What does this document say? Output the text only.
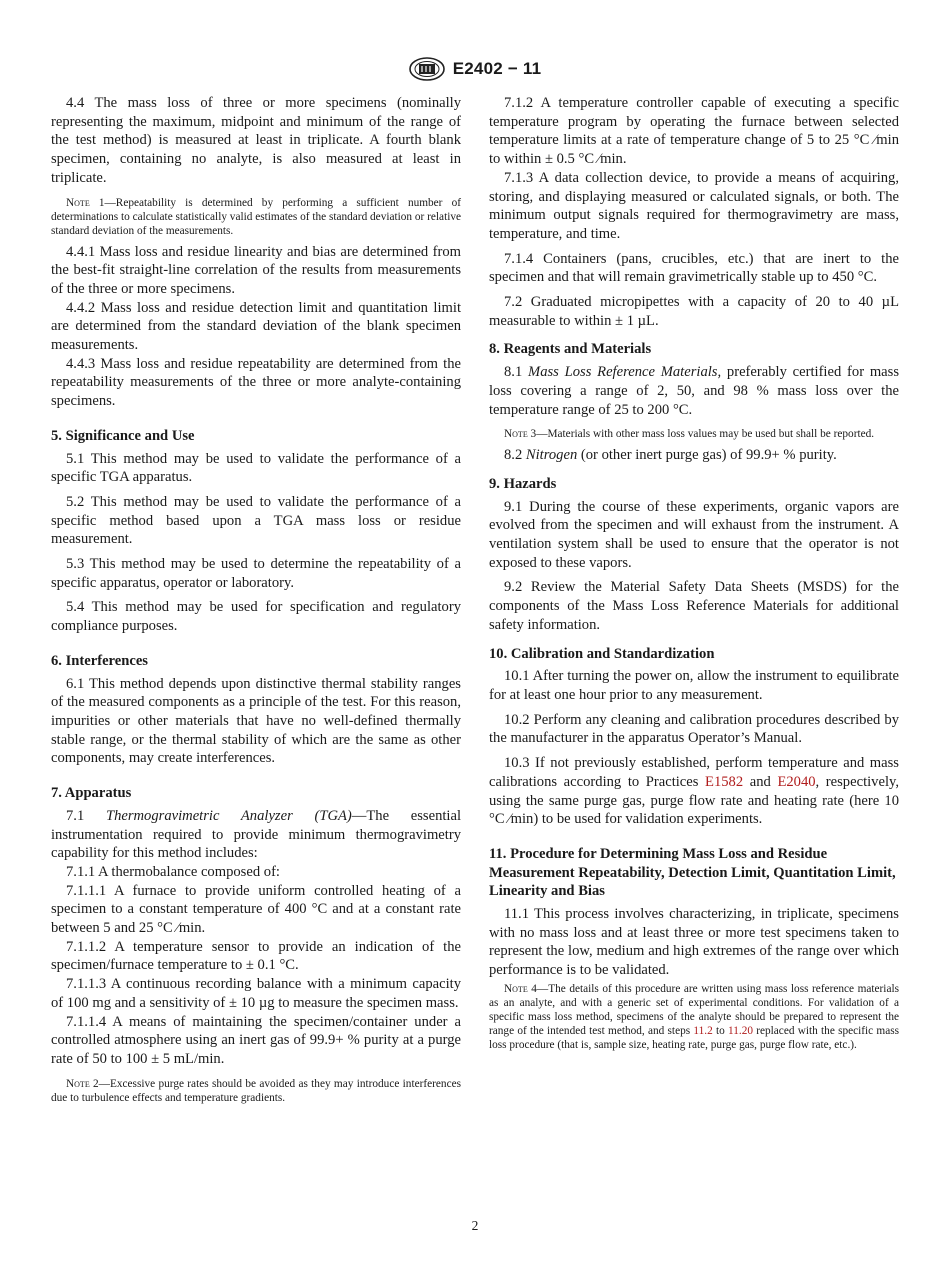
E2402 − 11

4.4 The mass loss of three or more specimens (nominally representing the maximum, midpoint and minimum of the range of the test method) is measured at least in triplicate. A fourth blank specimen, containing no analyte, is also measured at least in triplicate.

Note 1—Repeatability is determined by performing a sufficient number of determinations to calculate statistically valid estimates of the standard deviation or relative standard deviation of the measurements.

4.4.1 Mass loss and residue linearity and bias are determined from the best-fit straight-line correlation of the results from measurements of the three or more specimens.

4.4.2 Mass loss and residue detection limit and quantitation limit are determined from the standard deviation of the blank specimen measurements.

4.4.3 Mass loss and residue repeatability are determined from the repeatability measurements of the three or more analyte-containing specimens.

5. Significance and Use

5.1 This method may be used to validate the performance of a specific TGA apparatus.

5.2 This method may be used to validate the performance of a specific method based upon a TGA mass loss or residue measurement.

5.3 This method may be used to determine the repeatability of a specific apparatus, operator or laboratory.

5.4 This method may be used for specification and regulatory compliance purposes.

6. Interferences

6.1 This method depends upon distinctive thermal stability ranges of the measured components as a principle of the test. For this reason, impurities or other materials that have no well-defined thermally stable range, or the thermal stability of which are the same as other components, may create interferences.

7. Apparatus

7.1 Thermogravimetric Analyzer (TGA)—The essential instrumentation required to provide minimum thermogravimetry capability for this method includes:

7.1.1 A thermobalance composed of:

7.1.1.1 A furnace to provide uniform controlled heating of a specimen to a constant temperature of 400 °C and at a constant rate between 5 and 25 °C ⁄min.

7.1.1.2 A temperature sensor to provide an indication of the specimen/furnace temperature to ± 0.1 °C.

7.1.1.3 A continuous recording balance with a minimum capacity of 100 mg and a sensitivity of ± 10 µg to measure the specimen mass.

7.1.1.4 A means of maintaining the specimen/container under a controlled atmosphere using an inert gas of 99.9+ % purity at a purge rate of 50 to 100 ± 5 mL/min.

Note 2—Excessive purge rates should be avoided as they may introduce interferences due to turbulence effects and temperature gradients.

7.1.2 A temperature controller capable of executing a specific temperature program by operating the furnace between selected temperature limits at a rate of temperature change of 5 to 25 °C ⁄min to within ± 0.5 °C ⁄min.

7.1.3 A data collection device, to provide a means of acquiring, storing, and displaying measured or calculated signals, or both. The minimum output signals required for thermogravimetry are mass, temperature, and time.

7.1.4 Containers (pans, crucibles, etc.) that are inert to the specimen and that will remain gravimetrically stable up to 450 °C.

7.2 Graduated micropipettes with a capacity of 20 to 40 µL measurable to within ± 1 µL.

8. Reagents and Materials

8.1 Mass Loss Reference Materials, preferably certified for mass loss covering a range of 2, 50, and 98 % mass loss over the temperature range of 25 to 200 °C.

Note 3—Materials with other mass loss values may be used but shall be reported.

8.2 Nitrogen (or other inert purge gas) of 99.9+ % purity.

9. Hazards

9.1 During the course of these experiments, organic vapors are evolved from the specimen and will exhaust from the instrument. A ventilation system shall be used to ensure that the operator is not exposed to these vapors.

9.2 Review the Material Safety Data Sheets (MSDS) for the components of the Mass Loss Reference Materials for additional safety information.

10. Calibration and Standardization

10.1 After turning the power on, allow the instrument to equilibrate for at least one hour prior to any measurement.

10.2 Perform any cleaning and calibration procedures described by the manufacturer in the apparatus Operator’s Manual.

10.3 If not previously established, perform temperature and mass calibrations according to Practices E1582 and E2040, respectively, using the same purge gas, purge flow rate and heating rate (here 10 °C ⁄min) to be used for validation experiments.

11. Procedure for Determining Mass Loss and Residue Measurement Repeatability, Detection Limit, Quantitation Limit, Linearity and Bias

11.1 This process involves characterizing, in triplicate, specimens with no mass loss and at least three or more test specimens taken to represent the low, medium and high extremes of the range over which performance is to be validated.

Note 4—The details of this procedure are written using mass loss reference materials as an analyte, and with a generic set of experimental conditions. For validation of a specific mass loss method, specimens of the analyte should be prepared to represent the range of the intended test method, and steps 11.2 to 11.20 replaced with the specific mass loss procedure (that is, sample size, heating rate, purge gas, purge flow rate, etc.).
2
